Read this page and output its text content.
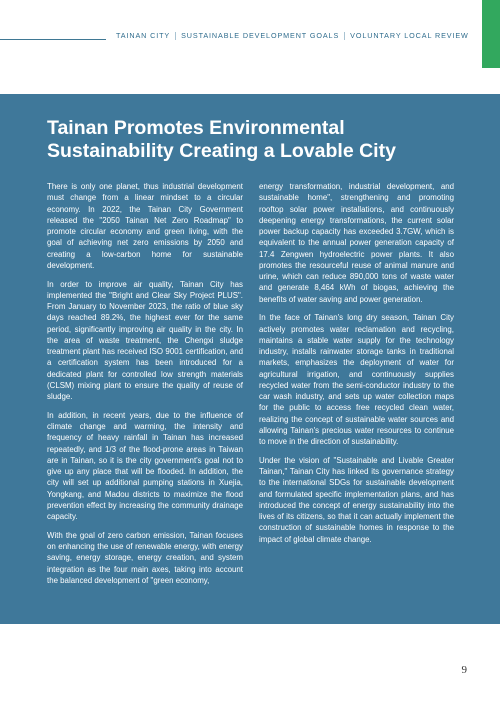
TAINAN CITY SUSTAINABLE DEVELOPMENT GOALS VOLUNTARY LOCAL REVIEW
Tainan Promotes Environmental Sustainability Creating a Lovable City

There is only one planet, thus industrial development must change from a linear mindset to a circular economy. In 2022, the Tainan City Government released the "2050 Tainan Net Zero Roadmap" to promote circular economy and green living, with the goal of achieving net zero emissions by 2050 and creating a low-carbon home for sustainable development.

In order to improve air quality, Tainan City has implemented the "Bright and Clear Sky Project PLUS". From January to November 2023, the ratio of blue sky days reached 89.2%, the highest ever for the same period, significantly improving air quality in the city. In the area of waste treatment, the Chengxi sludge treatment plant has received ISO 9001 certification, and a certification system has been introduced for a dedicated plant for controlled low strength materials (CLSM) mixing plant to ensure the quality of reuse of sludge.

In addition, in recent years, due to the influence of climate change and warming, the intensity and frequency of heavy rainfall in Tainan has increased repeatedly, and 1/3 of the flood-prone areas in Taiwan are in Tainan, so it is the city government's goal not to give up any place that will be flooded. In addition, the city will set up additional pumping stations in Xuejia, Yongkang, and Madou districts to maximize the flood prevention effect by increasing the community drainage capacity.

With the goal of zero carbon emission, Tainan focuses on enhancing the use of renewable energy, with energy saving, energy storage, energy creation, and system integration as the four main axes, taking into account the balanced development of "green economy,

energy transformation, industrial development, and sustainable home", strengthening and promoting rooftop solar power installations, and continuously deepening energy transformations, the current solar power backup capacity has exceeded 3.7GW, which is equivalent to the annual power generation capacity of 17.4 Zengwen hydroelectric power plants. It also promotes the resourceful reuse of animal manure and urine, which can reduce 890,000 tons of waste water and generate 8,464 kWh of biogas, achieving the benefits of water saving and power generation.

In the face of Tainan's long dry season, Tainan City actively promotes water reclamation and recycling, maintains a stable water supply for the technology industry, installs rainwater storage tanks in traditional markets, emphasizes the deployment of water for agricultural irrigation, and continuously supplies recycled water from the semi-conductor industry to the car wash industry, and sets up water collection maps for the public to access free recycled clean water, realizing the concept of sustainable water sources and allowing Tainan's precious water resources to continue to move in the direction of sustainability.

Under the vision of "Sustainable and Livable Greater Tainan," Tainan City has linked its governance strategy to the international SDGs for sustainable development and formulated specific implementation plans, and has introduced the concept of energy sustainability into the lives of its citizens, so that it can actually implement the construction of sustainable homes in response to the impact of global climate change.

9
